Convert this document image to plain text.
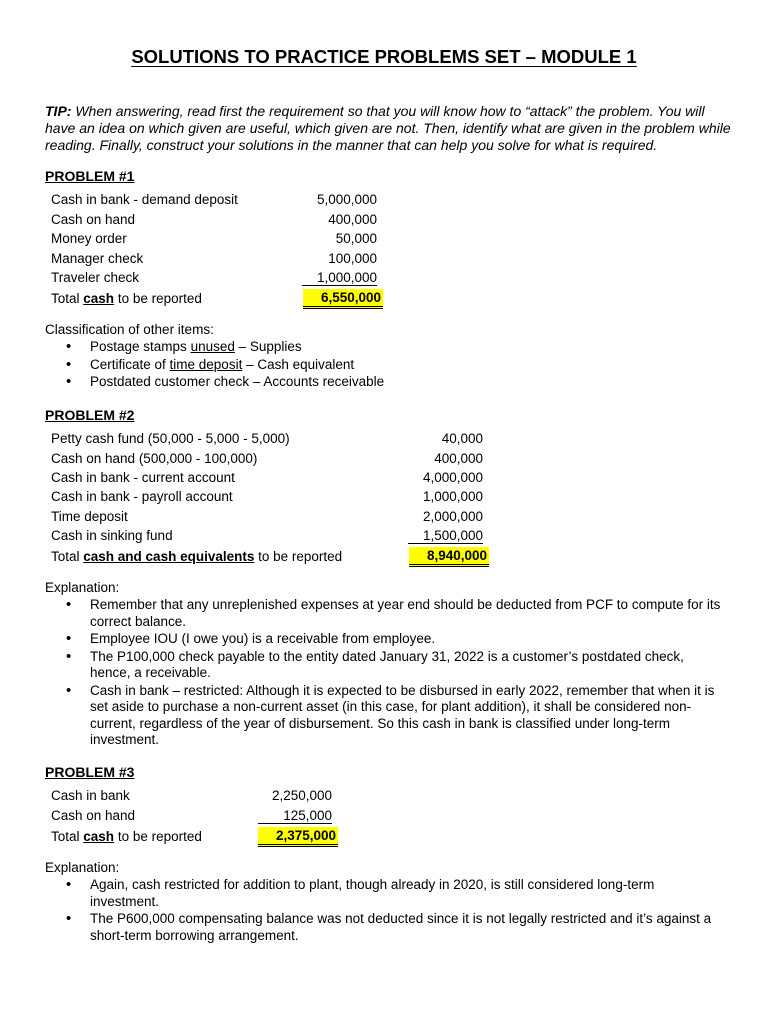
SOLUTIONS TO PRACTICE PROBLEMS SET – MODULE 1
TIP: When answering, read first the requirement so that you will know how to “attack” the problem. You will have an idea on which given are useful, which given are not. Then, identify what are given in the problem while reading. Finally, construct your solutions in the manner that can help you solve for what is required.
PROBLEM #1
Cash in bank - demand deposit	5,000,000
Cash on hand	400,000
Money order	50,000
Manager check	100,000
Traveler check	1,000,000
Total cash to be reported	6,550,000
Classification of other items:
• Postage stamps unused – Supplies
• Certificate of time deposit – Cash equivalent
• Postdated customer check – Accounts receivable
PROBLEM #2
Petty cash fund (50,000 - 5,000 - 5,000)	40,000
Cash on hand (500,000 - 100,000)	400,000
Cash in bank - current account	4,000,000
Cash in bank - payroll account	1,000,000
Time deposit	2,000,000
Cash in sinking fund	1,500,000
Total cash and cash equivalents to be reported	8,940,000
Explanation:
• Remember that any unreplenished expenses at year end should be deducted from PCF to compute for its correct balance.
• Employee IOU (I owe you) is a receivable from employee.
• The P100,000 check payable to the entity dated January 31, 2022 is a customer’s postdated check, hence, a receivable.
• Cash in bank – restricted: Although it is expected to be disbursed in early 2022, remember that when it is set aside to purchase a non-current asset (in this case, for plant addition), it shall be considered non-current, regardless of the year of disbursement. So this cash in bank is classified under long-term investment.
PROBLEM #3
Cash in bank	2,250,000
Cash on hand	125,000
Total cash to be reported	2,375,000
Explanation:
• Again, cash restricted for addition to plant, though already in 2020, is still considered long-term investment.
• The P600,000 compensating balance was not deducted since it is not legally restricted and it’s against a short-term borrowing arrangement.
